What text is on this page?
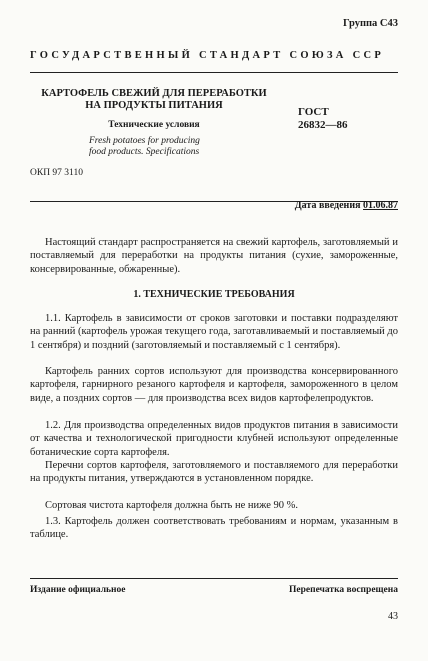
Группа С43
ГОСУДАРСТВЕННЫЙ СТАНДАРТ СОЮЗА ССР
КАРТОФЕЛЬ СВЕЖИЙ ДЛЯ ПЕРЕРАБОТКИ
НА ПРОДУКТЫ ПИТАНИЯ
Технические условия
Fresh potatoes for producing
food products. Specifications
ГОСТ
26832—86
ОКП 97 3110
Дата введения 01.06.87

Настоящий стандарт распространяется на свежий картофель, заготовляемый и поставляемый для переработки на продукты питания (сухие, замороженные, консервированные, обжаренные).

1. ТЕХНИЧЕСКИЕ ТРЕБОВАНИЯ

1.1. Картофель в зависимости от сроков заготовки и поставки подразделяют на ранний (картофель урожая текущего года, заготавливаемый и поставляемый до 1 сентября) и поздний (заготовляемый и поставляемый с 1 сентября).

Картофель ранних сортов используют для производства консервированного картофеля, гарнирного резаного картофеля и картофеля, замороженного в целом виде, а поздних сортов — для производства всех видов картофелепродуктов.

1.2. Для производства определенных видов продуктов питания в зависимости от качества и технологической пригодности клубней используют определенные ботанические сорта картофеля.

Перечни сортов картофеля, заготовляемого и поставляемого для переработки на продукты питания, утверждаются в установленном порядке.

Сортовая чистота картофеля должна быть не ниже 90 %.

1.3. Картофель должен соответствовать требованиям и нормам, указанным в таблице.

Издание официальное	Перепечатка воспрещена
43
